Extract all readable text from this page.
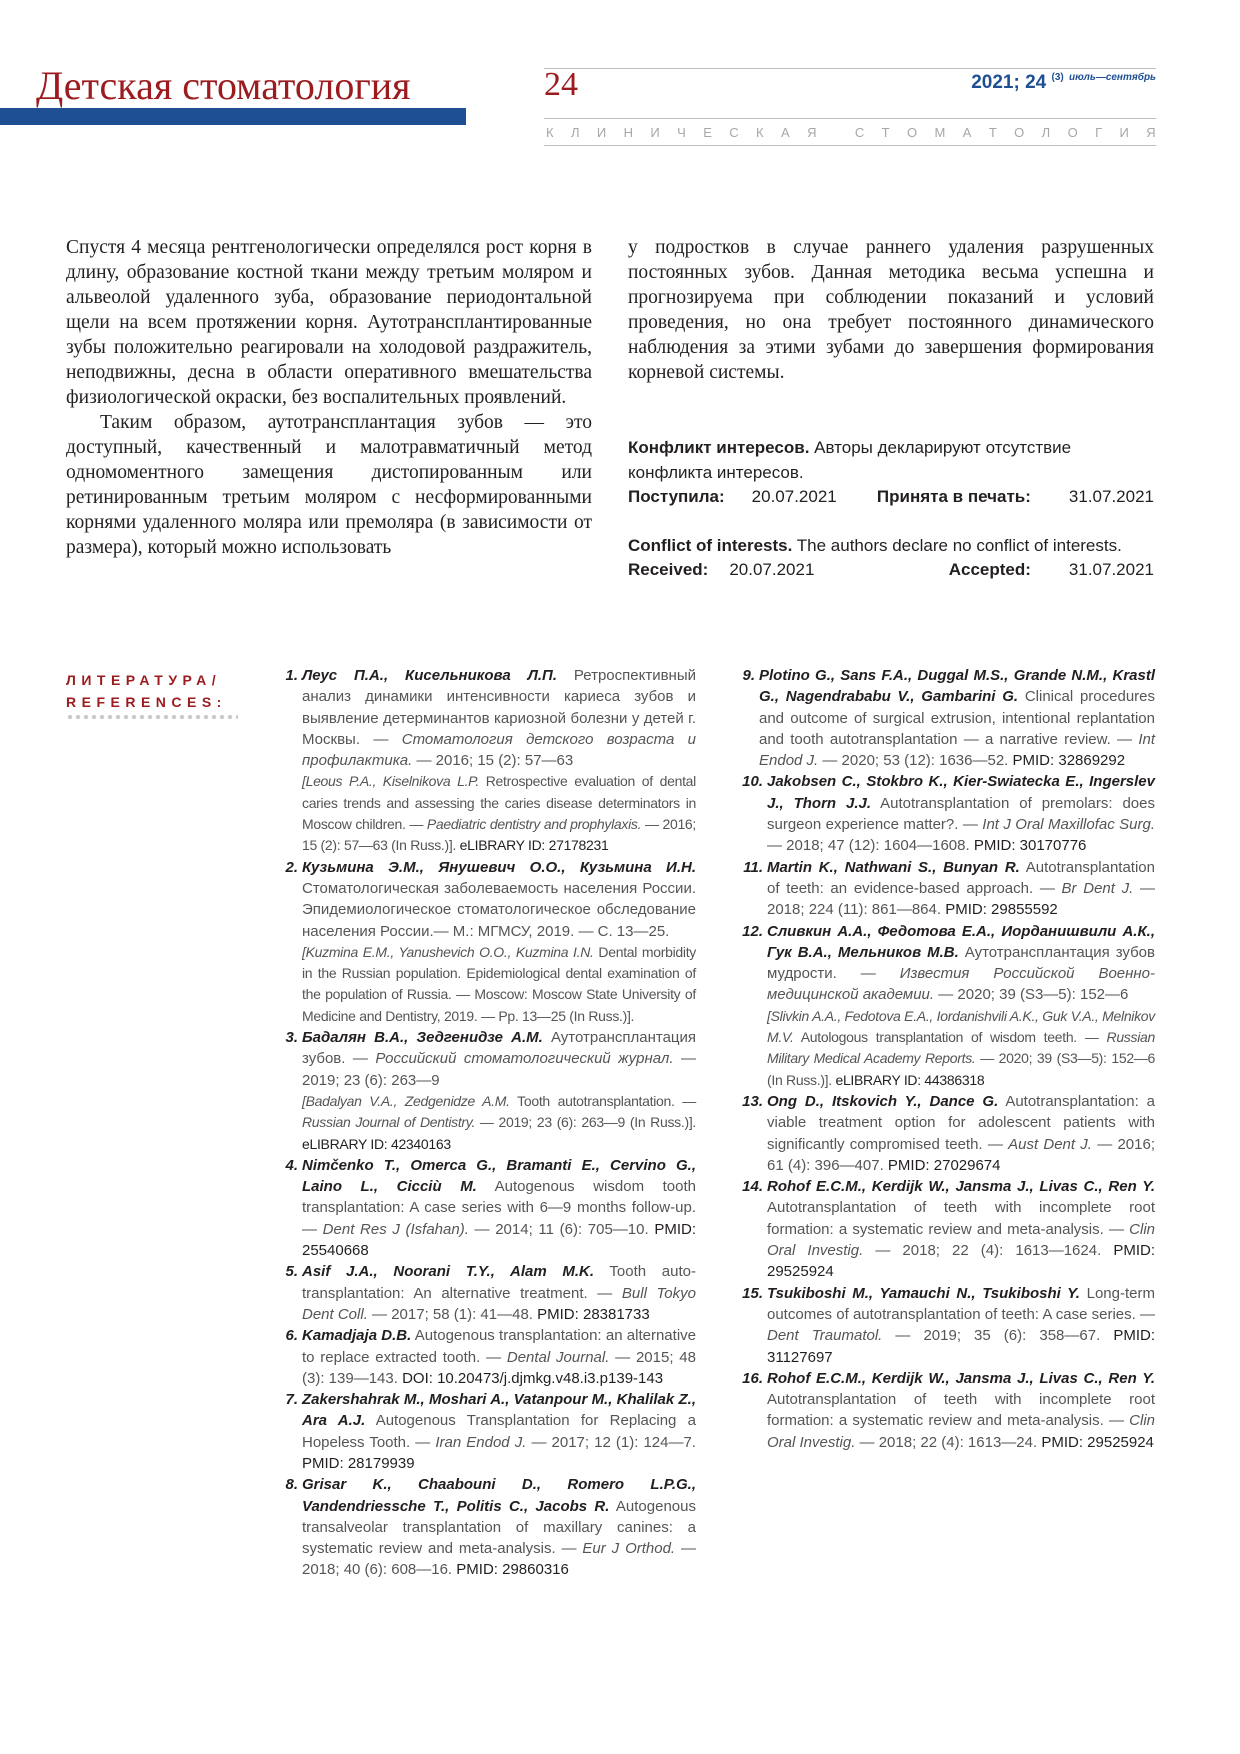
Детская стоматология	24	2021; 24 $^{(3)}$ $^{июль—сентябрь}$
К Л И Н И Ч Е С К А Я
	С Т О М А Т О Л О Г И Я

Спустя 4 месяца рентгенологически определялся рост корня в длину, образование костной ткани между третьим моляром и альвеолой удаленного зуба, образование периодонтальной щели на всем протяжении корня. Аутотрансплантированные зубы положительно реагировали на холодовой раздражитель, неподвижны, десна в области оперативного вмешательства физиологической окраски, без воспалительных проявлений.

Таким образом, аутотрансплантация зубов — это доступный, качественный и малотравматичный метод одномоментного замещения дистопированным или ретинированным третьим моляром с несформированными корнями удаленного моляра или премоляра (в зависимости от размера), который можно использовать

у подростков в случае раннего удаления разрушенных постоянных зубов. Данная методика весьма успешна и прогнозируема при соблюдении показаний и условий проведения, но она требует постоянного динамического наблюдения за этими зубами до завершения формирования корневой системы.

Конфликт интересов. Авторы декларируют отсутствие конфликта интересов.
Поступила: 20.07.2021 Принята в печать: 31.07.2021
Conflict of interests. The authors declare no conflict of interests.
Received: 20.07.2021	Accepted: 31.07.2021
ЛИТЕРАТУРА/
REFERENCES:
1. Леус П.А., Кисельникова Л.П. Ретроспективный анализ динамики интенсивности кариеса зубов и выявление детерминантов кариозной болезни у детей г. Москвы. — Стоматология детского возраста и профилактика. — 2016; 15 (2): 57—63
[Leous P.A., Kiselnikova L.P. Retrospective evaluation of dental caries trends and assessing the caries disease determinators in Moscow children. — Paediatric dentistry and prophylaxis. — 2016; 15 (2): 57—63 (In Russ.)]. eLIBRARY ID: 27178231
2. Кузьмина Э.М., Янушевич О.О., Кузьмина И.Н. Стоматологическая заболеваемость населения России. Эпидемиологическое стоматологическое обследование населения России.— М.: МГМСУ, 2019. — С. 13—25.
[Kuzmina E.M., Yanushevich O.O., Kuzmina I.N. Dental morbidity in the Russian population. Epidemiological dental examination of the population of Russia. — Moscow: Moscow State University of Medicine and Dentistry, 2019. — Pp. 13—25 (In Russ.)].
3. Бадалян В.А., Зедгенидзе А.М. Аутотрансплантация зубов. — Российский стоматологический журнал. — 2019; 23 (6): 263—9
[Badalyan V.A., Zedgenidze A.M. Tooth autotransplantation. — Russian Journal of Dentistry. — 2019; 23 (6): 263—9 (In Russ.)]. eLIBRARY ID: 42340163
4. Nimčenko T., Omerca G., Bramanti E., Cervino G., Laino L., Cicciù M. Autogenous wisdom tooth transplantation: A case series with 6—9 months follow-up. — Dent Res J (Isfahan). — 2014; 11 (6): 705—10. PMID: 25540668
5. Asif J.A., Noorani T.Y., Alam M.K. Tooth auto-transplantation: An alternative treatment. — Bull Tokyo Dent Coll. — 2017; 58 (1): 41—48. PMID: 28381733
6. Kamadjaja D.B. Autogenous transplantation: an alternative to replace extracted tooth. — Dental Journal. — 2015; 48 (3): 139—143. DOI: 10.20473/j.djmkg.v48.i3.p139-143
7. Zakershahrak M., Moshari A., Vatanpour M., Khalilak Z., Ara A.J. Autogenous Transplantation for Replacing a Hopeless Tooth. — Iran Endod J. — 2017; 12 (1): 124—7. PMID: 28179939
8. Grisar K., Chaabouni D., Romero L.P.G., Vandendriessche T., Politis C., Jacobs R. Autogenous transalveolar transplantation of maxillary canines: a systematic review and meta-analysis. — Eur J Orthod. — 2018; 40 (6): 608—16. PMID: 29860316
9. Plotino G., Sans F.A., Duggal M.S., Grande N.M., Krastl G., Nagendrababu V., Gambarini G. Clinical procedures and outcome of surgical extrusion, intentional replantation and tooth autotransplantation — a narrative review. — Int Endod J. — 2020; 53 (12): 1636—52. PMID: 32869292
10. Jakobsen C., Stokbro K., Kier-Swiatecka E., Ingerslev J., Thorn J.J. Autotransplantation of premolars: does surgeon experience matter?. — Int J Oral Maxillofac Surg. — 2018; 47 (12): 1604—1608. PMID: 30170776
11. Martin K., Nathwani S., Bunyan R. Autotransplantation of teeth: an evidence-based approach. — Br Dent J. — 2018; 224 (11): 861—864. PMID: 29855592
12. Сливкин А.А., Федотова Е.А., Иорданишвили А.К., Гук В.А., Мельников М.В. Аутотрансплантация зубов мудрости. — Известия Российской Военно-медицинской академии. — 2020; 39 (S3—5): 152—6
[Slivkin A.A., Fedotova E.A., Iordanishvili A.K., Guk V.A., Melnikov M.V. Autologous transplantation of wisdom teeth. — Russian Military Medical Academy Reports. — 2020; 39 (S3—5): 152—6 (In Russ.)]. eLIBRARY ID: 44386318
13. Ong D., Itskovich Y., Dance G. Autotransplantation: a viable treatment option for adolescent patients with significantly compromised teeth. — Aust Dent J. — 2016; 61 (4): 396—407. PMID: 27029674
14. Rohof E.C.M., Kerdijk W., Jansma J., Livas C., Ren Y. Autotransplantation of teeth with incomplete root formation: a systematic review and meta-analysis. — Clin Oral Investig. — 2018; 22 (4): 1613—1624. PMID: 29525924
15. Tsukiboshi M., Yamauchi N., Tsukiboshi Y. Long-term outcomes of autotransplantation of teeth: A case series. — Dent Traumatol. — 2019; 35 (6): 358—67. PMID: 31127697
16. Rohof E.C.M., Kerdijk W., Jansma J., Livas C., Ren Y. Autotransplantation of teeth with incomplete root formation: a systematic review and meta-analysis. — Clin Oral Investig. — 2018; 22 (4): 1613—24. PMID: 29525924
